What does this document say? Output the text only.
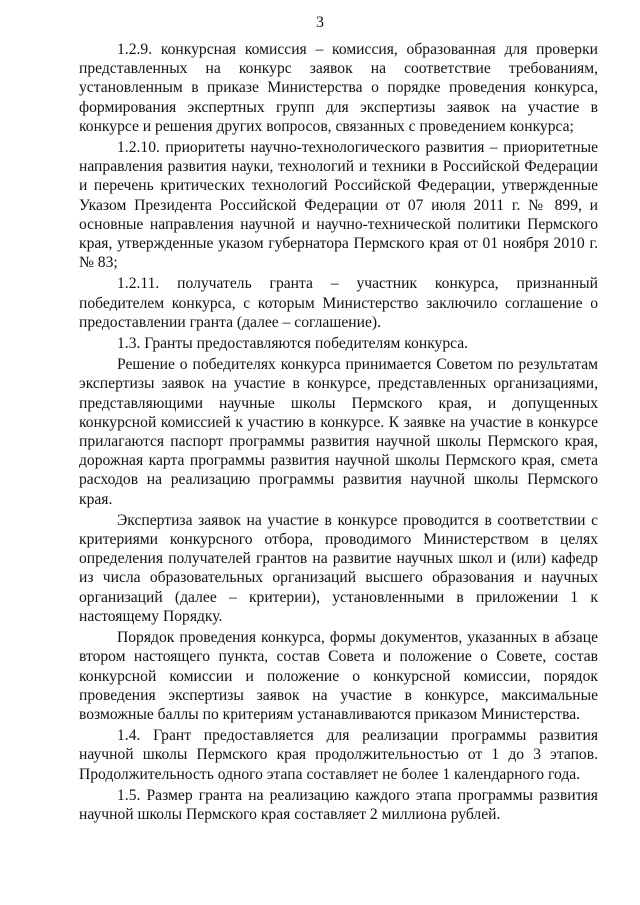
3

1.2.9. конкурсная комиссия – комиссия, образованная для проверки представленных на конкурс заявок на соответствие требованиям, установленным в приказе Министерства о порядке проведения конкурса, формирования экспертных групп для экспертизы заявок на участие в конкурсе и решения других вопросов, связанных с проведением конкурса;

1.2.10. приоритеты научно-технологического развития – приоритетные направления развития науки, технологий и техники в Российской Федерации и перечень критических технологий Российской Федерации, утвержденные Указом Президента Российской Федерации от 07 июля 2011 г. № 899, и основные направления научной и научно-технической политики Пермского края, утвержденные указом губернатора Пермского края от 01 ноября 2010 г. № 83;

1.2.11. получатель гранта – участник конкурса, признанный победителем конкурса, с которым Министерство заключило соглашение о предоставлении гранта (далее – соглашение).

1.3. Гранты предоставляются победителям конкурса.

Решение о победителях конкурса принимается Советом по результатам экспертизы заявок на участие в конкурсе, представленных организациями, представляющими научные школы Пермского края, и допущенных конкурсной комиссией к участию в конкурсе. К заявке на участие в конкурсе прилагаются паспорт программы развития научной школы Пермского края, дорожная карта программы развития научной школы Пермского края, смета расходов на реализацию программы развития научной школы Пермского края.

Экспертиза заявок на участие в конкурсе проводится в соответствии с критериями конкурсного отбора, проводимого Министерством в целях определения получателей грантов на развитие научных школ и (или) кафедр из числа образовательных организаций высшего образования и научных организаций (далее – критерии), установленными в приложении 1 к настоящему Порядку.

Порядок проведения конкурса, формы документов, указанных в абзаце втором настоящего пункта, состав Совета и положение о Совете, состав конкурсной комиссии и положение о конкурсной комиссии, порядок проведения экспертизы заявок на участие в конкурсе, максимальные возможные баллы по критериям устанавливаются приказом Министерства.

1.4. Грант предоставляется для реализации программы развития научной школы Пермского края продолжительностью от 1 до 3 этапов. Продолжительность одного этапа составляет не более 1 календарного года.

1.5. Размер гранта на реализацию каждого этапа программы развития научной школы Пермского края составляет 2 миллиона рублей.
